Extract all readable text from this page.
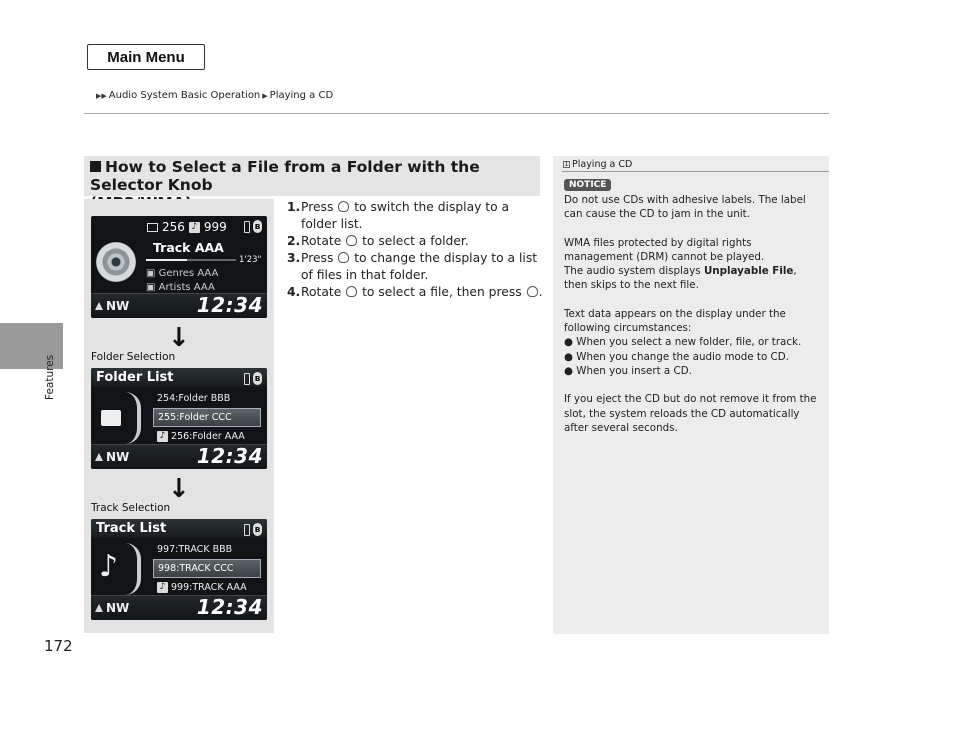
Main Menu
▶▶ Audio System Basic Operation ▶ Playing a CD
Features
172
How to Select a File from a Folder with the Selector Knob

256 ♪ 999	ʙ
Track AAA
1'23"
▣ Genres AAA
▣ Artists AAA
NW	12:34
Folder List	ʙ
254:Folder BBB
255:Folder CCC
♪ 256:Folder AAA
NW	12:34
Track List	ʙ
♪	997:TRACK BBB
998:TRACK CCC
♪ 999:TRACK AAA
NW	12:34
↓
Folder Selection
↓
Track Selection
1. Press to switch the display to a folder list.
2. Rotate to select a folder.
3. Press to change the display to a list of files in that folder.
4. Rotate to select a file, then press .
1 Playing a CD
NOTICE

Do not use CDs with adhesive labels. The label can cause the CD to jam in the unit.

WMA files protected by digital rights management (DRM) cannot be played.
The audio system displays Unplayable File, then skips to the next file.

Text data appears on the display under the following circumstances:
● When you select a new folder, file, or track.
● When you change the audio mode to CD.
● When you insert a CD.

If you eject the CD but do not remove it from the slot, the system reloads the CD automatically after several seconds.
